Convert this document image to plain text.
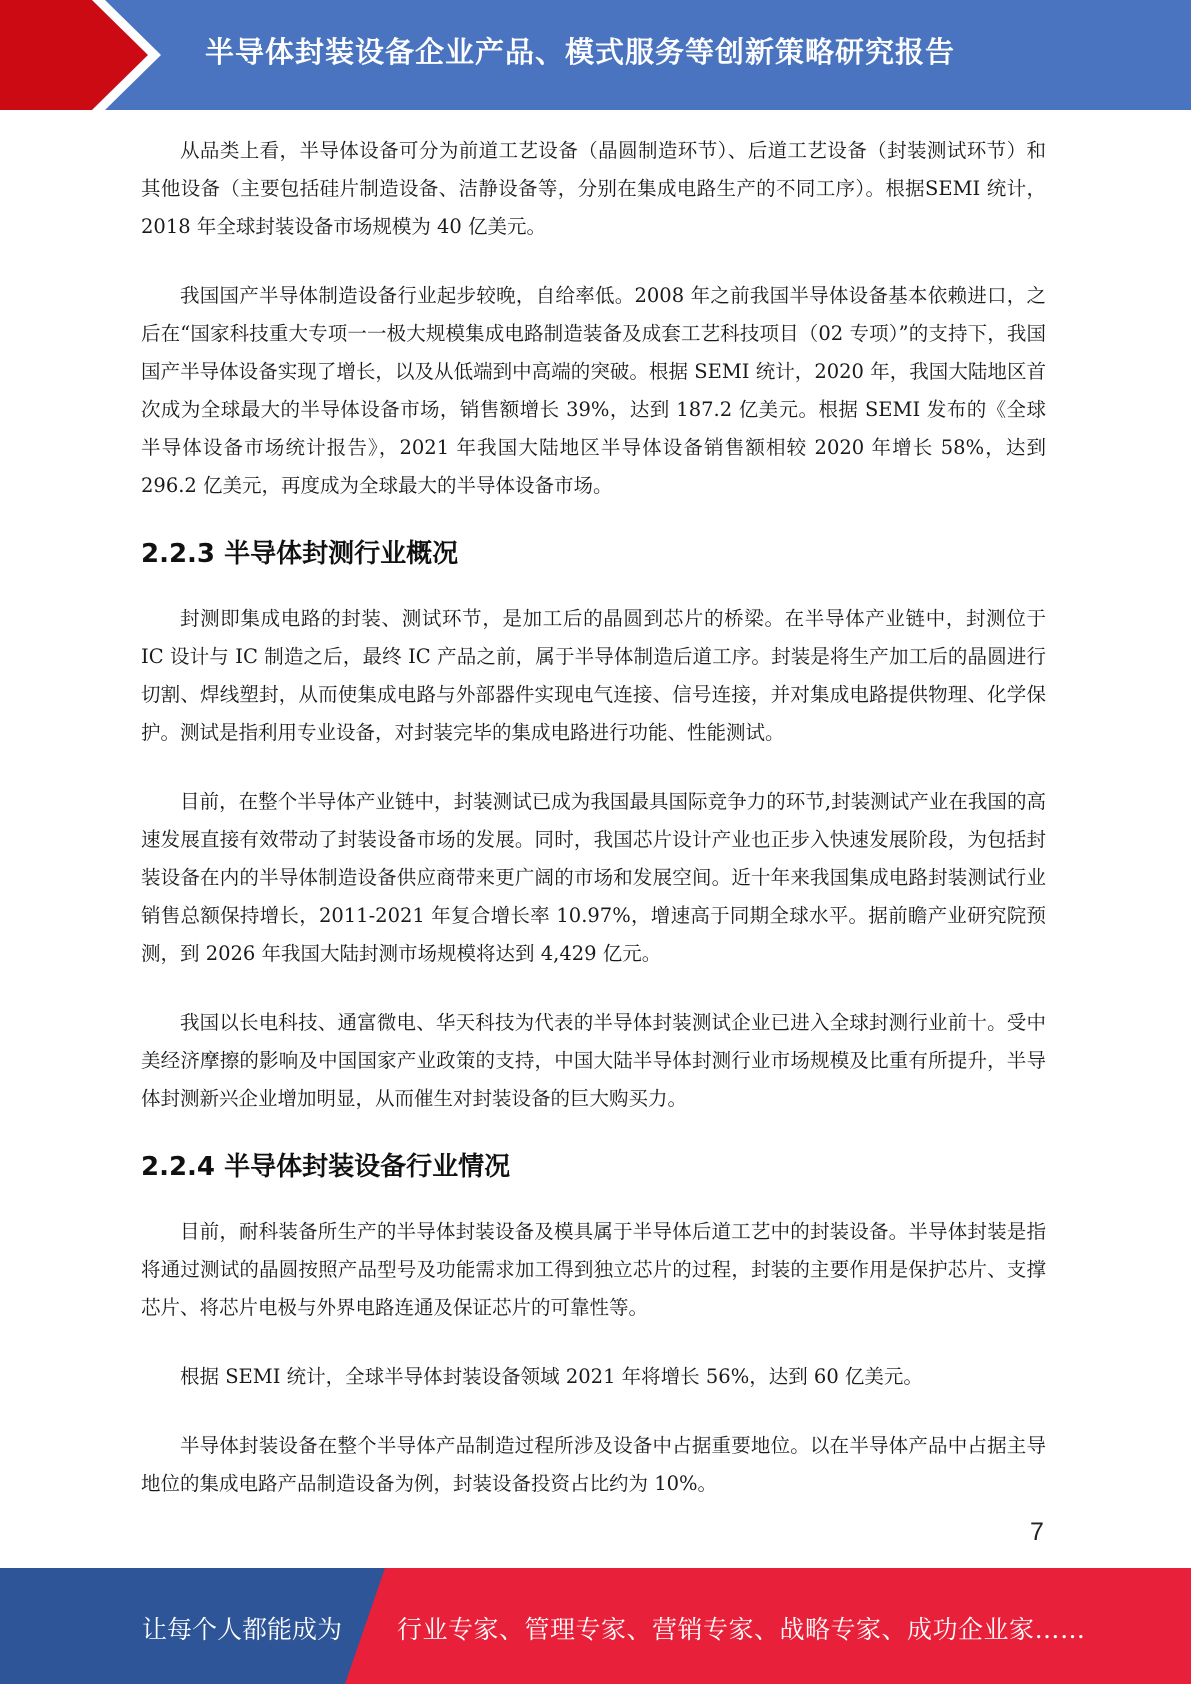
半导体封装设备企业产品、模式服务等创新策略研究报告

从品类上看，半导体设备可分为前道工艺设备（晶圆制造环节）、后道工艺设备（封装测试环节）和其他设备（主要包括硅片制造设备、洁静设备等，分别在集成电路生产的不同工序）。根据SEMI 统计，2018 年全球封装设备市场规模为 40 亿美元。

我国国产半导体制造设备行业起步较晚，自给率低。2008 年之前我国半导体设备基本依赖进口，之后在“国家科技重大专项一一极大规模集成电路制造装备及成套工艺科技项目（02 专项）”的支持下，我国国产半导体设备实现了增长，以及从低端到中高端的突破。根据 SEMI 统计，2020 年，我国大陆地区首次成为全球最大的半导体设备市场，销售额增长 39%，达到 187.2 亿美元。根据 SEMI 发布的《全球半导体设备市场统计报告》，2021 年我国大陆地区半导体设备销售额相较 2020 年增长 58%，达到 296.2 亿美元，再度成为全球最大的半导体设备市场。

2.2.3 半导体封测行业概况

封测即集成电路的封装、测试环节，是加工后的晶圆到芯片的桥梁。在半导体产业链中，封测位于 IC 设计与 IC 制造之后，最终 IC 产品之前，属于半导体制造后道工序。封装是将生产加工后的晶圆进行切割、焊线塑封，从而使集成电路与外部器件实现电气连接、信号连接，并对集成电路提供物理、化学保护。测试是指利用专业设备，对封装完毕的集成电路进行功能、性能测试。

目前，在整个半导体产业链中，封装测试已成为我国最具国际竞争力的环节,封装测试产业在我国的高速发展直接有效带动了封装设备市场的发展。同时，我国芯片设计产业也正步入快速发展阶段，为包括封装设备在内的半导体制造设备供应商带来更广阔的市场和发展空间。近十年来我国集成电路封装测试行业销售总额保持增长，2011-2021 年复合增长率 10.97%，增速高于同期全球水平。据前瞻产业研究院预测，到 2026 年我国大陆封测市场规模将达到 4,429 亿元。

我国以长电科技、通富微电、华天科技为代表的半导体封装测试企业已进入全球封测行业前十。受中美经济摩擦的影响及中国国家产业政策的支持，中国大陆半导体封测行业市场规模及比重有所提升，半导体封测新兴企业增加明显，从而催生对封装设备的巨大购买力。

2.2.4 半导体封装设备行业情况

目前，耐科装备所生产的半导体封装设备及模具属于半导体后道工艺中的封装设备。半导体封装是指将通过测试的晶圆按照产品型号及功能需求加工得到独立芯片的过程，封装的主要作用是保护芯片、支撑芯片、将芯片电极与外界电路连通及保证芯片的可靠性等。

根据 SEMI 统计，全球半导体封装设备领域 2021 年将增长 56%，达到 60 亿美元。

半导体封装设备在整个半导体产品制造过程所涉及设备中占据重要地位。以在半导体产品中占据主导地位的集成电路产品制造设备为例，封装设备投资占比约为 10%。

7
让每个人都能成为 行业专家、管理专家、营销专家、战略专家、成功企业家……
